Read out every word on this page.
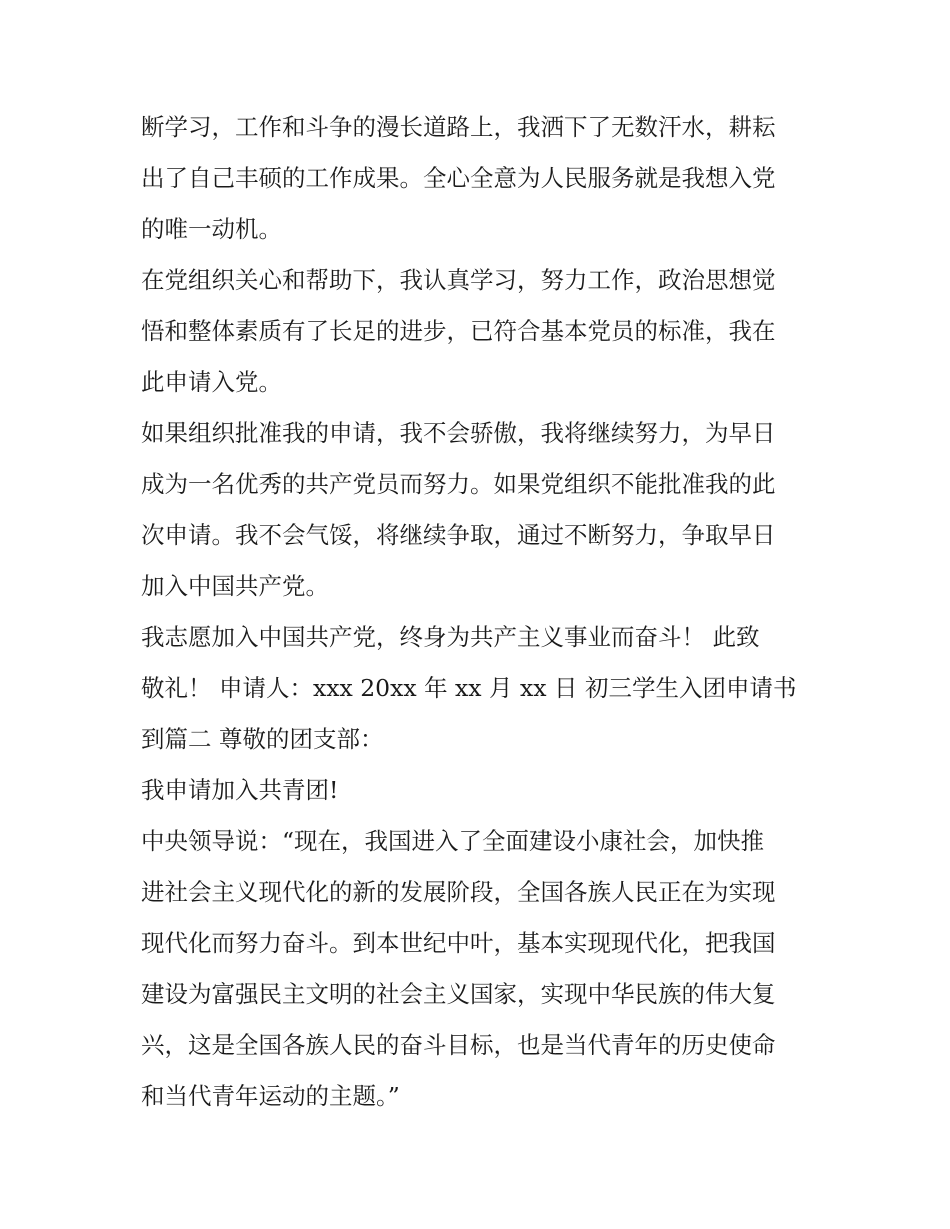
断学习，工作和斗争的漫长道路上，我洒下了无数汗水，耕耘
出了自己丰硕的工作成果。全心全意为人民服务就是我想入党
的唯一动机。
在党组织关心和帮助下，我认真学习，努力工作，政治思想觉
悟和整体素质有了长足的进步，已符合基本党员的标准，我在
此申请入党。
如果组织批准我的申请，我不会骄傲，我将继续努力，为早日
成为一名优秀的共产党员而努力。如果党组织不能批准我的此
次申请。我不会气馁，将继续争取，通过不断努力，争取早日
加入中国共产党。
我志愿加入中国共产党，终身为共产主义事业而奋斗！ 此致
敬礼！ 申请人：xxx 20xx 年 xx 月 xx 日 初三学生入团申请书
到篇二 尊敬的团支部：
我申请加入共青团!
中央领导说：“现在，我国进入了全面建设小康社会，加快推
进社会主义现代化的新的发展阶段，全国各族人民正在为实现
现代化而努力奋斗。到本世纪中叶，基本实现现代化，把我国
建设为富强民主文明的社会主义国家，实现中华民族的伟大复
兴，这是全国各族人民的奋斗目标，也是当代青年的历史使命
和当代青年运动的主题。”
